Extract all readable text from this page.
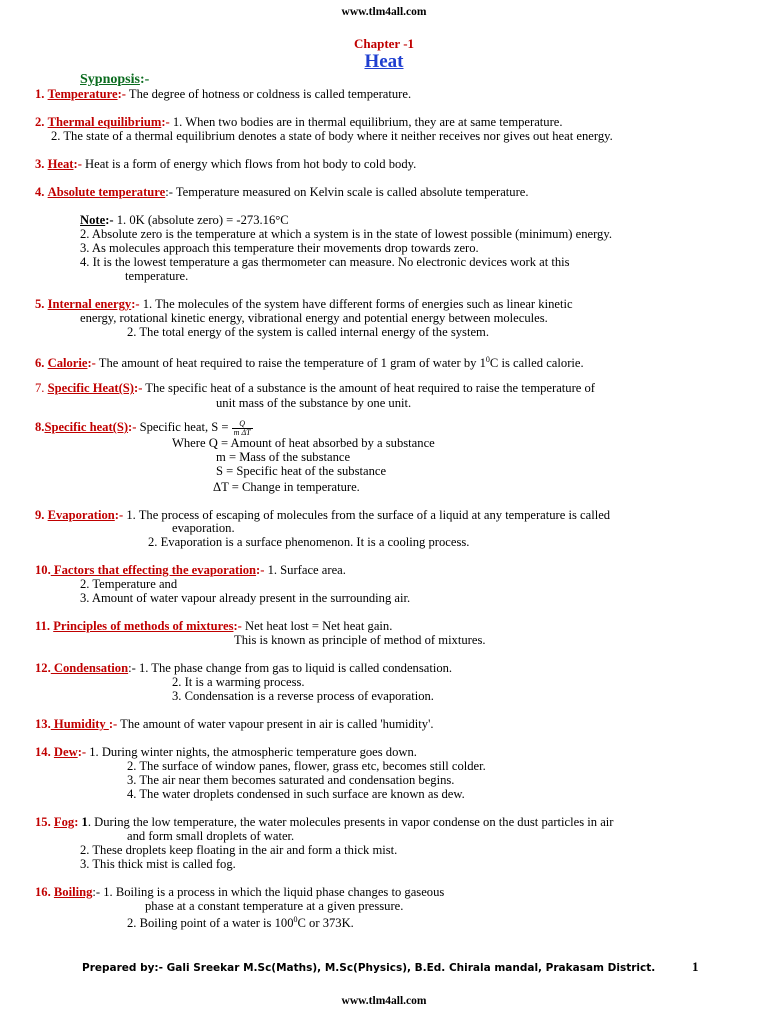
www.tlm4all.com
Chapter -1
Heat
Sypnopsis:-
1. Temperature:- The degree of hotness or coldness is called temperature.
2. Thermal equilibrium:- 1. When two bodies are in thermal equilibrium, they are at same temperature.
2. The state of a thermal equilibrium denotes a state of body where it neither receives nor gives out heat energy.
3. Heat:- Heat is a form of energy which flows from hot body to cold body.
4. Absolute temperature:- Temperature measured on Kelvin scale is called absolute temperature.
Note:- 1. 0K (absolute zero) = -273.16°C
2. Absolute zero is the temperature at which a system is in the state of lowest possible (minimum) energy.
3. As molecules approach this temperature their movements drop towards zero.
4. It is the lowest temperature a gas thermometer can measure. No electronic devices work at this
temperature.
5. Internal energy:- 1. The molecules of the system have different forms of energies such as linear kinetic
energy, rotational kinetic energy, vibrational energy and potential energy between molecules.
2. The total energy of the system is called internal energy of the system.
6. Calorie:- The amount of heat required to raise the temperature of 1 gram of water by $1^0C$ is called calorie.
7. Specific Heat(S):- The specific heat of a substance is the amount of heat required to raise the temperature of
unit mass of the substance by one unit.
8.Specific heat(S):- Specific heat, $S = \frac{Q}{\text{m ΔT}}$
Where Q = Amount of heat absorbed by a substance
m = Mass of the substance
S = Specific heat of the substance
ΔT = Change in temperature.
9. Evaporation:- 1. The process of escaping of molecules from the surface of a liquid at any temperature is called
evaporation.
2. Evaporation is a surface phenomenon. It is a cooling process.
10. Factors that effecting the evaporation:- 1. Surface area.
2. Temperature and
3. Amount of water vapour already present in the surrounding air.
11. Principles of methods of mixtures:- Net heat lost = Net heat gain.
This is known as principle of method of mixtures.
12. Condensation:- 1. The phase change from gas to liquid is called condensation.
2. It is a warming process.
3. Condensation is a reverse process of evaporation.
13. Humidity :- The amount of water vapour present in air is called 'humidity'.
14. Dew:- 1. During winter nights, the atmospheric temperature goes down.
2. The surface of window panes, flower, grass etc, becomes still colder.
3. The air near them becomes saturated and condensation begins.
4. The water droplets condensed in such surface are known as dew.
15. Fog: 1. During the low temperature, the water molecules presents in vapor condense on the dust particles in air
and form small droplets of water.
2. These droplets keep floating in the air and form a thick mist.
3. This thick mist is called fog.
16. Boiling:- 1. Boiling is a process in which the liquid phase changes to gaseous
phase at a constant temperature at a given pressure.
2. Boiling point of a water is $100^0C$ or 373K.
Prepared by:- Gali Sreekar M.Sc(Maths), M.Sc(Physics), B.Ed. Chirala mandal, Prakasam District.	1
www.tlm4all.com
